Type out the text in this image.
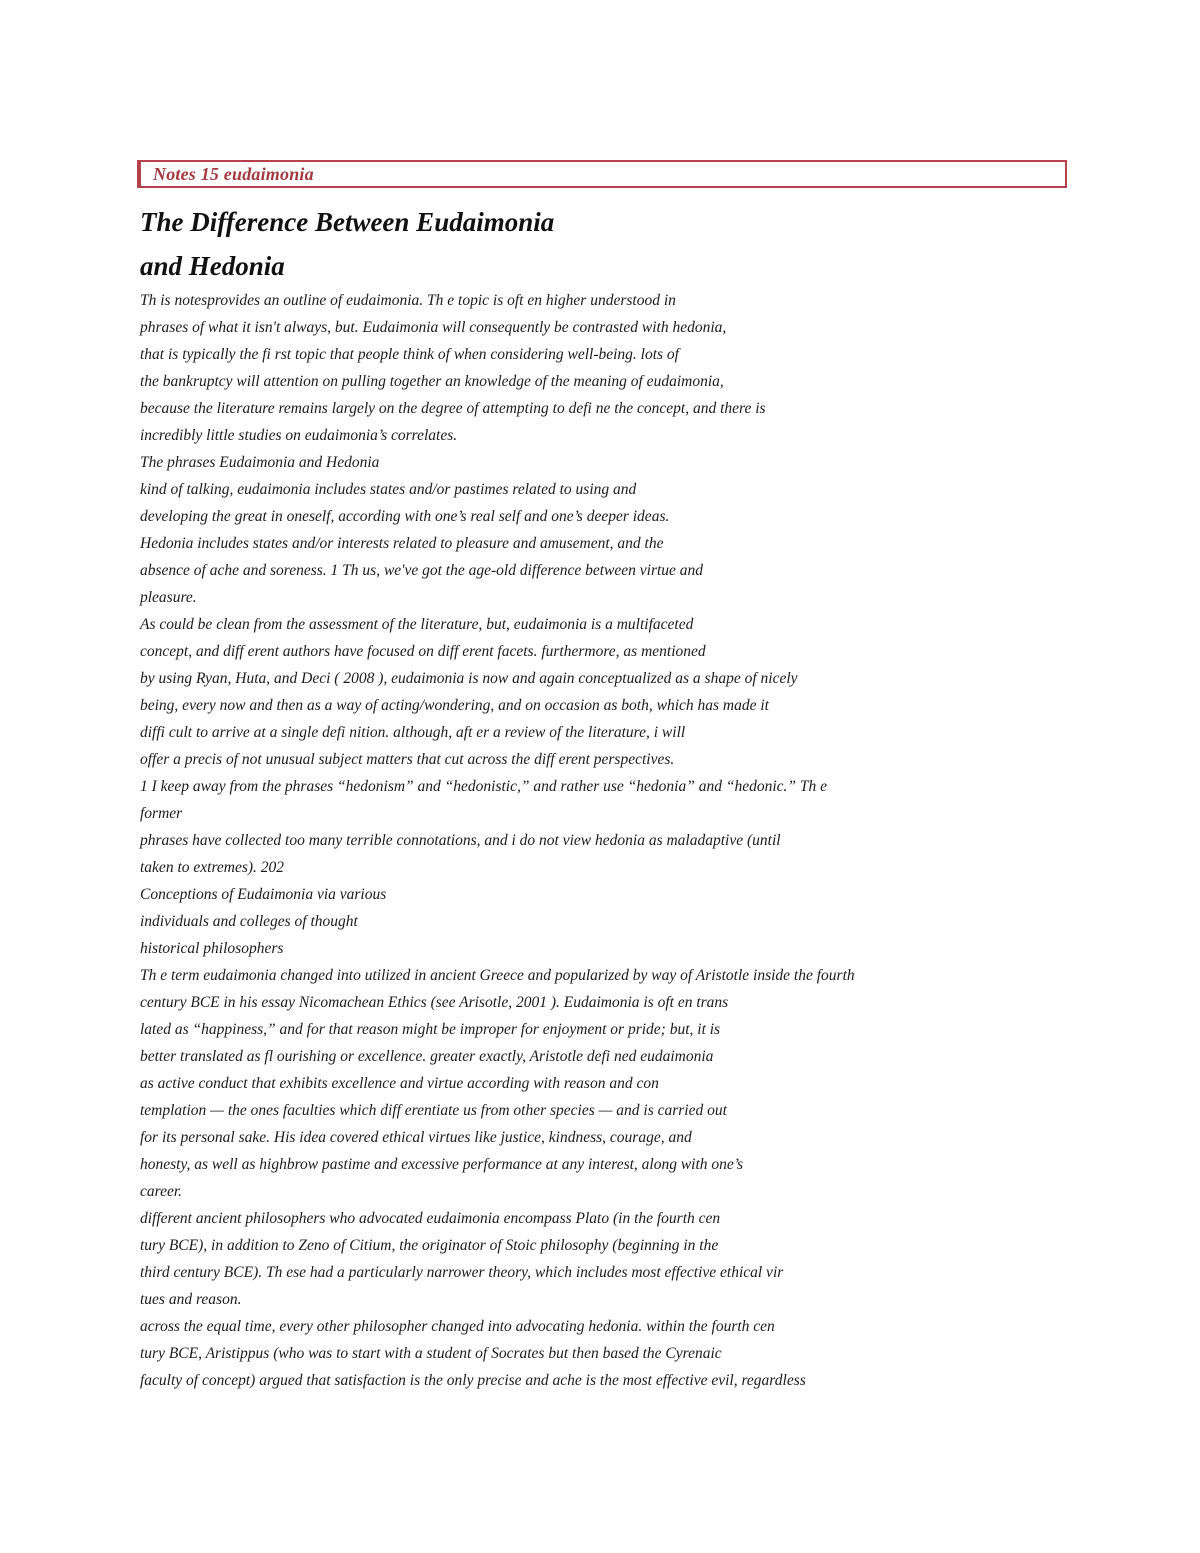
Notes 15 eudaimonia
The Difference Between Eudaimonia
and Hedonia
Th is notesprovides an outline of eudaimonia. Th e topic is oft en higher understood in
phrases of what it isn't always, but. Eudaimonia will consequently be contrasted with hedonia,
that is typically the fi rst topic that people think of when considering well-being. lots of
the bankruptcy will attention on pulling together an knowledge of the meaning of eudaimonia,
because the literature remains largely on the degree of attempting to defi ne the concept, and there is
incredibly little studies on eudaimonia’s correlates.
The phrases Eudaimonia and Hedonia
kind of talking, eudaimonia includes states and/or pastimes related to using and
developing the great in oneself, according with one’s real self and one’s deeper ideas.
Hedonia includes states and/or interests related to pleasure and amusement, and the
absence of ache and soreness. 1 Th us, we've got the age-old difference between virtue and
pleasure.
As could be clean from the assessment of the literature, but, eudaimonia is a multifaceted
concept, and diff erent authors have focused on diff erent facets. furthermore, as mentioned
by using Ryan, Huta, and Deci ( 2008 ), eudaimonia is now and again conceptualized as a shape of nicely
being, every now and then as a way of acting/wondering, and on occasion as both, which has made it
diffi cult to arrive at a single defi nition. although, aft er a review of the literature, i will
offer a precis of not unusual subject matters that cut across the diff erent perspectives.
1 I keep away from the phrases “hedonism” and “hedonistic,” and rather use “hedonia” and “hedonic.” Th e
former
phrases have collected too many terrible connotations, and i do not view hedonia as maladaptive (until
taken to extremes). 202
Conceptions of Eudaimonia via various
individuals and colleges of thought
historical philosophers
Th e term eudaimonia changed into utilized in ancient Greece and popularized by way of Aristotle inside the fourth
century BCE in his essay Nicomachean Ethics (see Arisotle, 2001 ). Eudaimonia is oft en trans
lated as “happiness,” and for that reason might be improper for enjoyment or pride; but, it is
better translated as fl ourishing or excellence. greater exactly, Aristotle defi ned eudaimonia
as active conduct that exhibits excellence and virtue according with reason and con
templation — the ones faculties which diff erentiate us from other species — and is carried out
for its personal sake. His idea covered ethical virtues like justice, kindness, courage, and
honesty, as well as highbrow pastime and excessive performance at any interest, along with one’s
career.
different ancient philosophers who advocated eudaimonia encompass Plato (in the fourth cen
tury BCE), in addition to Zeno of Citium, the originator of Stoic philosophy (beginning in the
third century BCE). Th ese had a particularly narrower theory, which includes most effective ethical vir
tues and reason.
across the equal time, every other philosopher changed into advocating hedonia. within the fourth cen
tury BCE, Aristippus (who was to start with a student of Socrates but then based the Cyrenaic
faculty of concept) argued that satisfaction is the only precise and ache is the most effective evil, regardless
